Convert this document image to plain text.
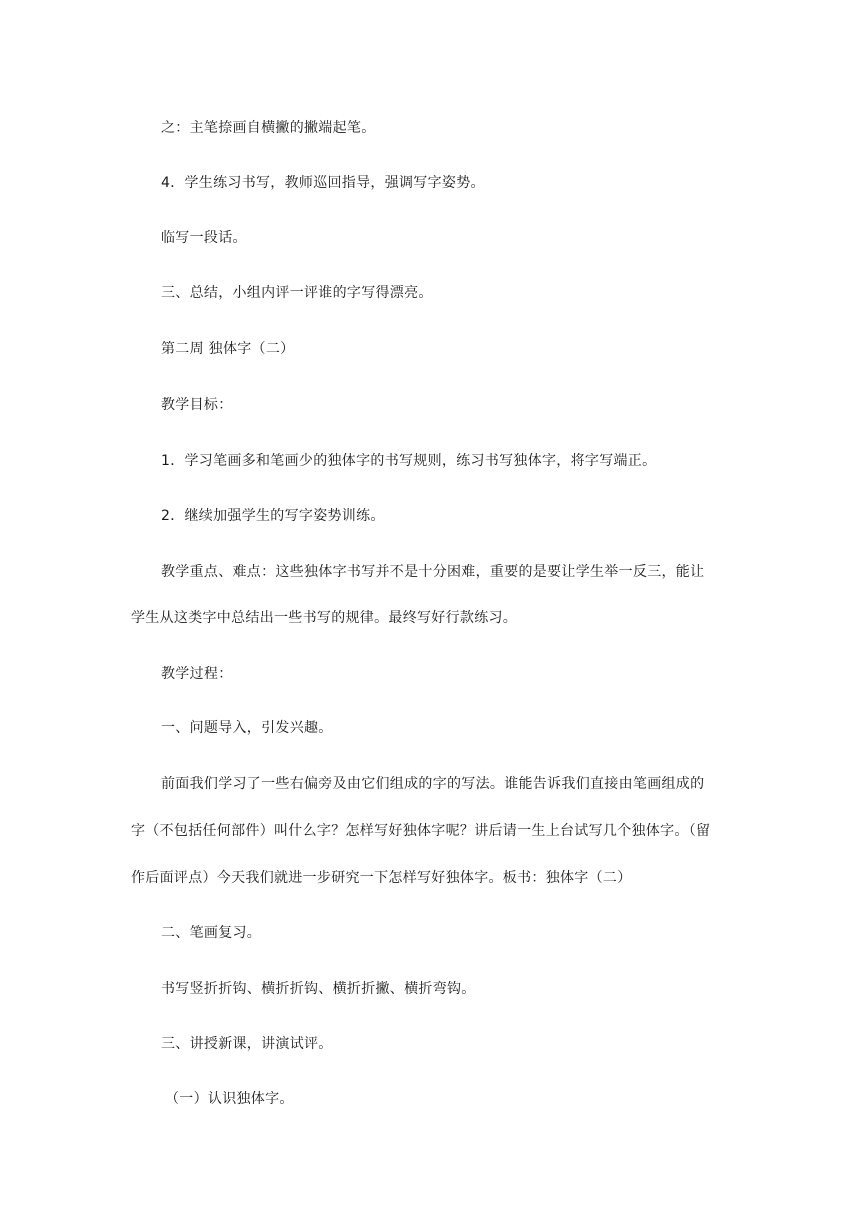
之：主笔捺画自横撇的撇端起笔。
4．学生练习书写，教师巡回指导，强调写字姿势。
临写一段话。
三、总结，小组内评一评谁的字写得漂亮。
第二周 独体字（二）
教学目标：
1．学习笔画多和笔画少的独体字的书写规则，练习书写独体字，将字写端正。
2．继续加强学生的写字姿势训练。
教学重点、难点：这些独体字书写并不是十分困难，重要的是要让学生举一反三，能让
学生从这类字中总结出一些书写的规律。最终写好行款练习。
教学过程：
一、问题导入，引发兴趣。
前面我们学习了一些右偏旁及由它们组成的字的写法。谁能告诉我们直接由笔画组成的
字（不包括任何部件）叫什么字？怎样写好独体字呢？讲后请一生上台试写几个独体字。（留
作后面评点）今天我们就进一步研究一下怎样写好独体字。板书：独体字（二）
二、笔画复习。
书写竖折折钩、横折折钩、横折折撇、横折弯钩。
三、讲授新课，讲演试评。
（一）认识独体字。
